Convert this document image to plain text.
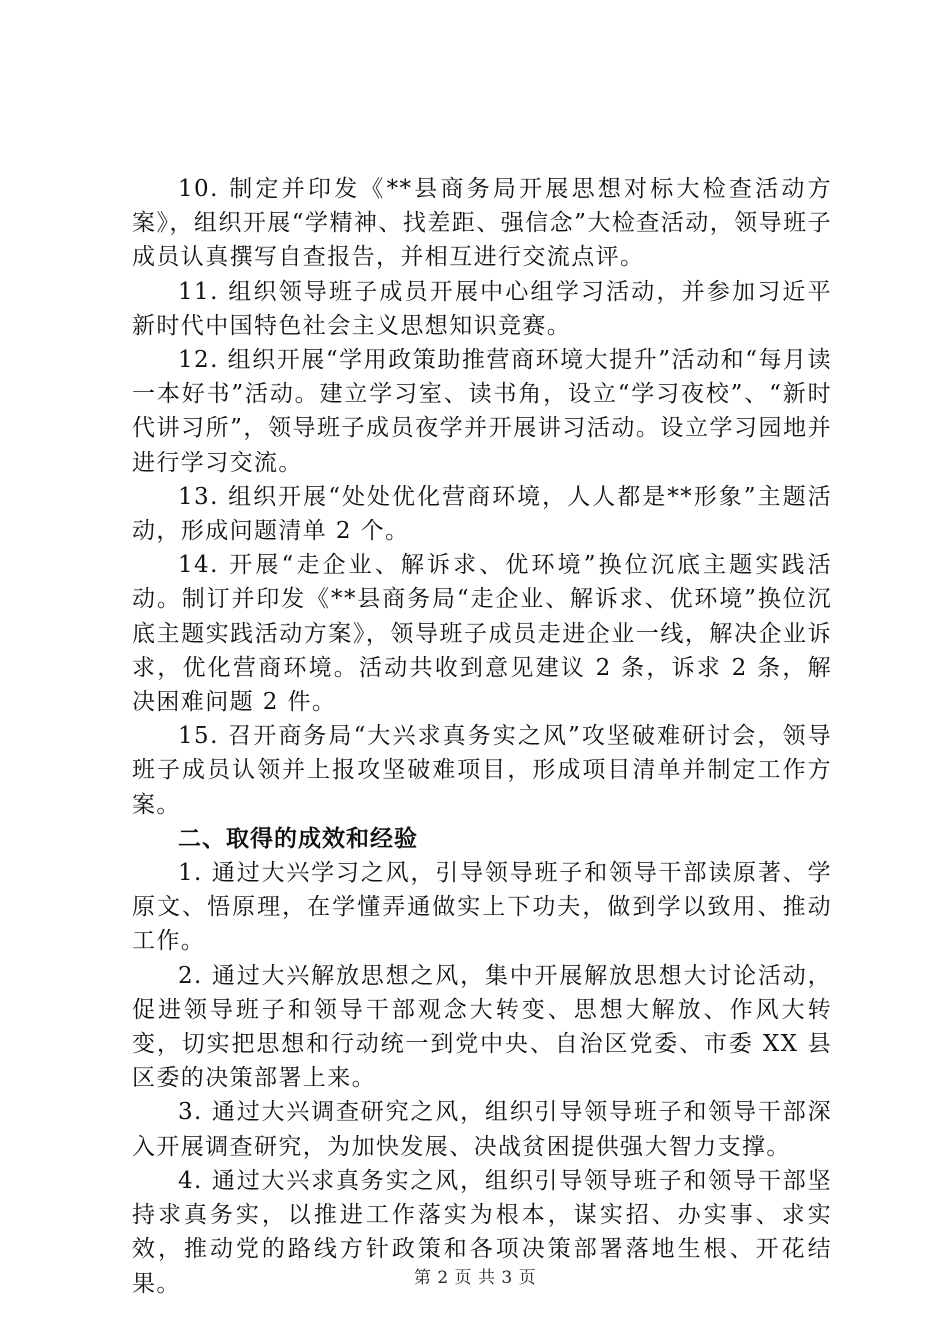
10. 制定并印发《**县商务局开展思想对标大检查活动方案》，组织开展“学精神、找差距、强信念”大检查活动，领导班子成员认真撰写自查报告，并相互进行交流点评。

11. 组织领导班子成员开展中心组学习活动，并参加习近平新时代中国特色社会主义思想知识竞赛。

12. 组织开展“学用政策助推营商环境大提升”活动和“每月读一本好书”活动。建立学习室、读书角，设立“学习夜校”、“新时代讲习所”，领导班子成员夜学并开展讲习活动。设立学习园地并进行学习交流。

13. 组织开展“处处优化营商环境，人人都是**形象”主题活动，形成问题清单 2 个。

14. 开展“走企业、解诉求、优环境”换位沉底主题实践活动。制订并印发《**县商务局“走企业、解诉求、优环境”换位沉底主题实践活动方案》，领导班子成员走进企业一线，解决企业诉求，优化营商环境。活动共收到意见建议 2 条，诉求 2 条，解决困难问题 2 件。

15. 召开商务局“大兴求真务实之风”攻坚破难研讨会，领导班子成员认领并上报攻坚破难项目，形成项目清单并制定工作方案。

二、取得的成效和经验

1. 通过大兴学习之风，引导领导班子和领导干部读原著、学原文、悟原理，在学懂弄通做实上下功夫，做到学以致用、推动工作。

2. 通过大兴解放思想之风，集中开展解放思想大讨论活动，促进领导班子和领导干部观念大转变、思想大解放、作风大转变，切实把思想和行动统一到党中央、自治区党委、市委 XX 县区委的决策部署上来。

3. 通过大兴调查研究之风，组织引导领导班子和领导干部深入开展调查研究，为加快发展、决战贫困提供强大智力支撑。

4. 通过大兴求真务实之风，组织引导领导班子和领导干部坚持求真务实，以推进工作落实为根本，谋实招、办实事、求实效，推动党的路线方针政策和各项决策部署落地生根、开花结果。	第 2 页 共 3 页
